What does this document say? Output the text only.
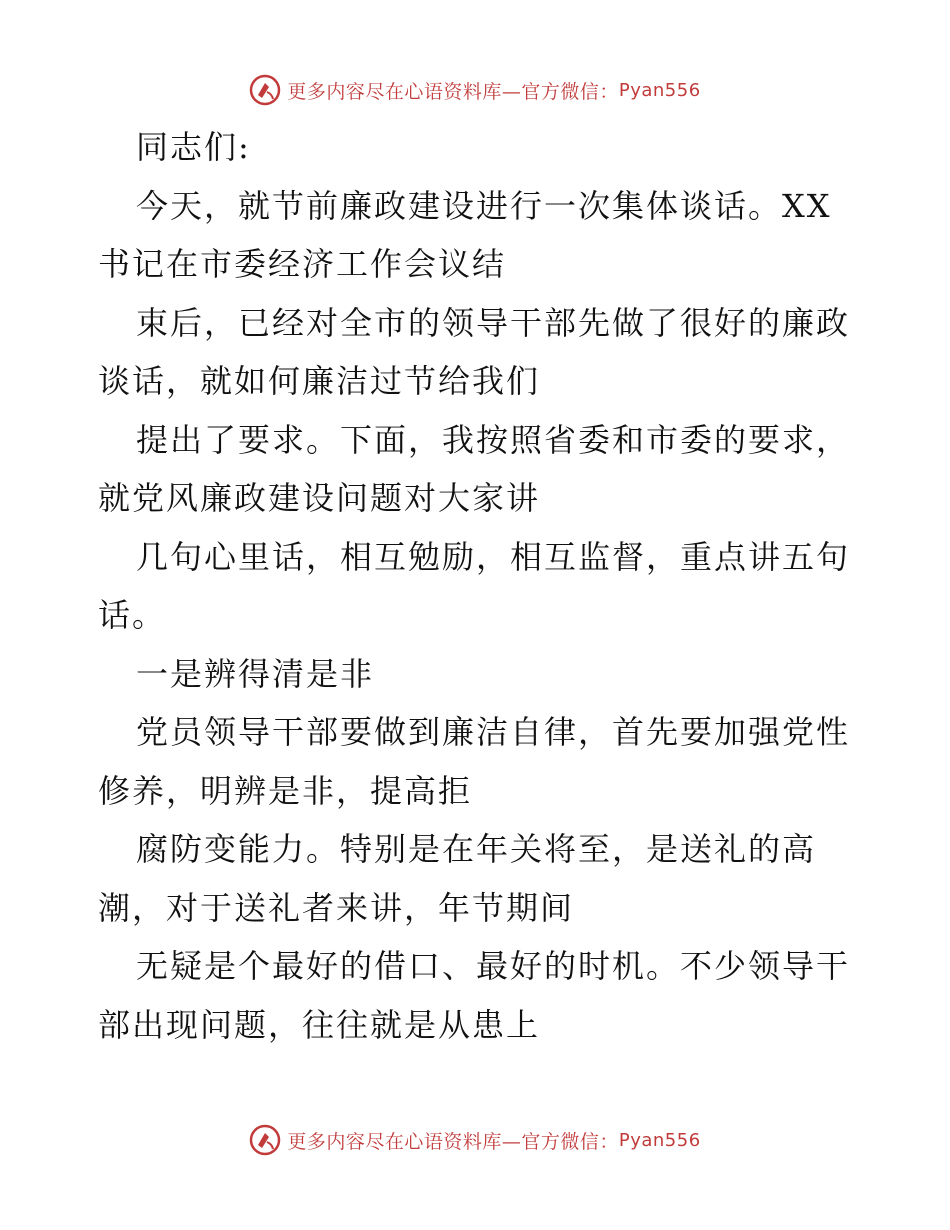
更多内容尽在心语资料库—官方微信： Pyan556
同志们:
今天，就节前廉政建设进行一次集体谈话。XX
书记在市委经济工作会议结
束后，已经对全市的领导干部先做了很好的廉政
谈话，就如何廉洁过节给我们
提出了要求。下面，我按照省委和市委的要求，
就党风廉政建设问题对大家讲
几句心里话，相互勉励，相互监督，重点讲五句
话。
一是辨得清是非
党员领导干部要做到廉洁自律，首先要加强党性
修养，明辨是非，提高拒
腐防变能力。特别是在年关将至，是送礼的高
潮，对于送礼者来讲，年节期间
无疑是个最好的借口、最好的时机。不少领导干
部出现问题，往往就是从患上
更多内容尽在心语资料库—官方微信： Pyan556
